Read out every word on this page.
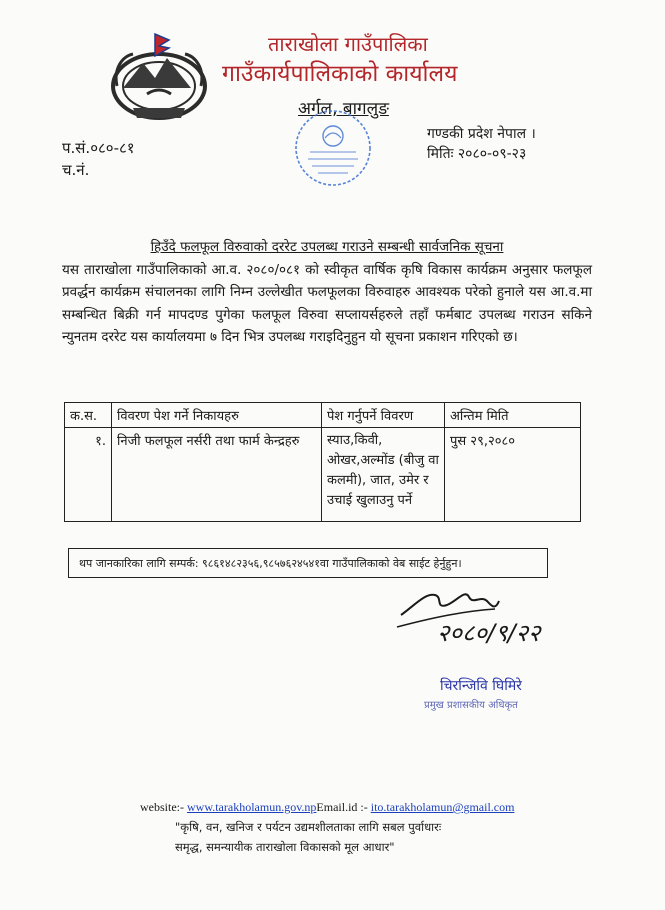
ताराखोला गाउँपालिका
गाउँकार्यपालिकाको कार्यालय
अर्गल, बागलुङ
प.सं.०८०-८१
च.नं.
गण्डकी प्रदेश नेपाल ।
मितिः २०८०-०९-२३
हिउँदे फलफूल विरुवाको दररेट उपलब्ध गराउने सम्बन्धी सार्वजनिक सूचना
यस ताराखोला गाउँपालिकाको आ.व. २०८०/०८१ को स्वीकृत वार्षिक कृषि विकास कार्यक्रम अनुसार फलफूल प्रवर्द्धन कार्यक्रम संचालनका लागि निम्न उल्लेखीत फलफूलका विरुवाहरु आवश्यक परेको हुनाले यस आ.व.मा सम्बन्धित बिक्री गर्न मापदण्ड पुगेका फलफूल विरुवा सप्लायर्सहरुले तहाँ फर्मबाट उपलब्ध गराउन सकिने न्युनतम दररेट यस कार्यालयमा ७ दिन भित्र उपलब्ध गराइदिनुहुन यो सूचना प्रकाशन गरिएको छ।
क.स.	विवरण पेश गर्ने निकायहरु	पेश गर्नुपर्ने विवरण	अन्तिम मिति
१.	निजी फलफूल नर्सरी तथा फार्म केन्द्रहरु	स्याउ,किवी, ओखर,अल्मोंड (बीजु वा कलमी), जात, उमेर र उचाई खुलाउनु पर्ने	पुस २९,२०८०
थप जानकारिका लागि सम्पर्क: ९८६१४८२३५६,९८५७६२४५४१वा गाउँपालिकाको वेब साईट हेर्नुहुन।
२०८०/९/२२
चिरन्जिवि घिमिरे
प्रमुख प्रशासकीय अधिकृत
website:- www.tarakholamun.gov.npEmail.id :- ito.tarakholamun@gmail.com
"कृषि, वन, खनिज र पर्यटन उद्यमशीलताका लागि सबल पुर्वाधारः
समृद्ध, समन्यायीक ताराखोला विकासको मूल आधार"
